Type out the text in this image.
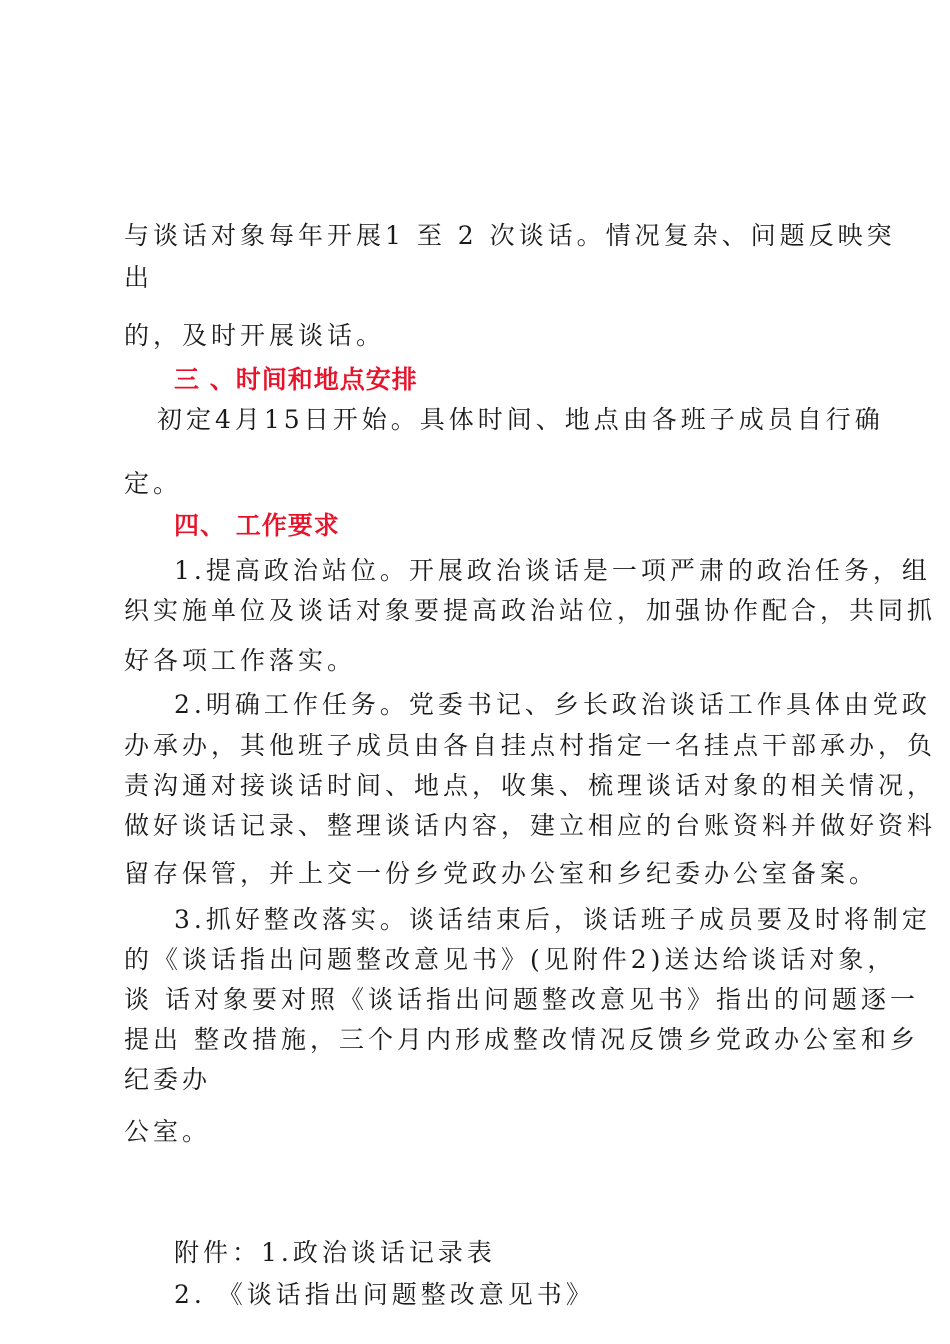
与谈话对象每年开展1 至 2 次谈话。情况复杂、问题反映突
出
的，及时开展谈话。
三 、时间和地点安排
初定4月15日开始。具体时间、地点由各班子成员自行确
定。
四、 工作要求
1.提高政治站位。开展政治谈话是一项严肃的政治任务，组
织实施单位及谈话对象要提高政治站位，加强协作配合，共同抓
好各项工作落实。
2.明确工作任务。党委书记、乡长政治谈话工作具体由党政
办承办，其他班子成员由各自挂点村指定一名挂点干部承办，负
责沟通对接谈话时间、地点，收集、梳理谈话对象的相关情况，
做好谈话记录、整理谈话内容，建立相应的台账资料并做好资料
留存保管，并上交一份乡党政办公室和乡纪委办公室备案。
3.抓好整改落实。谈话结束后，谈话班子成员要及时将制定
的《谈话指出问题整改意见书》(见附件2)送达给谈话对象，
谈 话对象要对照《谈话指出问题整改意见书》指出的问题逐一
提出 整改措施，三个月内形成整改情况反馈乡党政办公室和乡
纪委办
公室。
附件：1.政治谈话记录表
2. 《谈话指出问题整改意见书》
